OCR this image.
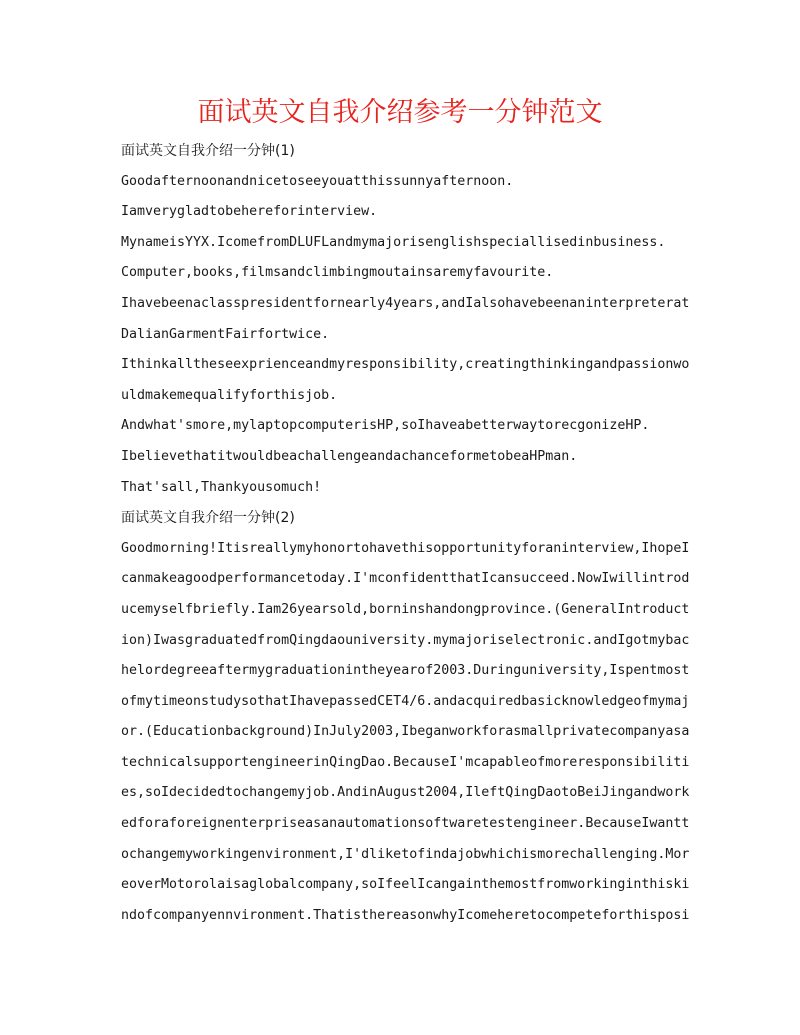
面试英文自我介绍参考一分钟范文
面试英文自我介绍一分钟(1)
Goodafternoonandnicetoseeyouatthissunnyafternoon.
Iamverygladtobehereforinterview.
MynameisYYX.IcomefromDLUFLandmymajorisenglishspeciallisedinbusiness.
Computer,books,filmsandclimbingmoutainsaremyfavourite.
Ihavebeenaclasspresidentfornearly4years,andIalsohavebeenaninterpreterat
DalianGarmentFairfortwice.
Ithinkalltheseexprienceandmyresponsibility,creatingthinkingandpassionwo
uldmakemequalifyforthisjob.
Andwhat'smore,mylaptopcomputerisHP,soIhaveabetterwaytorecgonizeHP.
IbelievethatitwouldbeachallengeandachanceformetobeaHPman.
That'sall,Thankyousomuch!
面试英文自我介绍一分钟(2)
Goodmorning!Itisreallymyhonortohavethisopportunityforaninterview,IhopeI
canmakeagoodperformancetoday.I'mconfidentthatIcansucceed.NowIwillintrod
ucemyselfbriefly.Iam26yearsold,borninshandongprovince.(GeneralIntroduct
ion)IwasgraduatedfromQingdaouniversity.mymajoriselectronic.andIgotmybac
helordegreeaftermygraduationintheyearof2003.Duringuniversity,Ispentmost
ofmytimeonstudysothatIhavepassedCET4/6.andacquiredbasicknowledgeofmymaj
or.(Educationbackground)InJuly2003,Ibeganworkforasmallprivatecompanyasa
technicalsupportengineerinQingDao.BecauseI'mcapableofmoreresponsibiliti
es,soIdecidedtochangemyjob.AndinAugust2004,IleftQingDaotoBeiJingandwork
edforaforeignenterpriseasanautomationsoftwaretestengineer.BecauseIwantt
ochangemyworkingenvironment,I'dliketofindajobwhichismorechallenging.Mor
eoverMotorolaisaglobalcompany,soIfeelIcangainthemostfromworkinginthiski
ndofcompanyennvironment.ThatisthereasonwhyIcomeheretocompeteforthisposi
